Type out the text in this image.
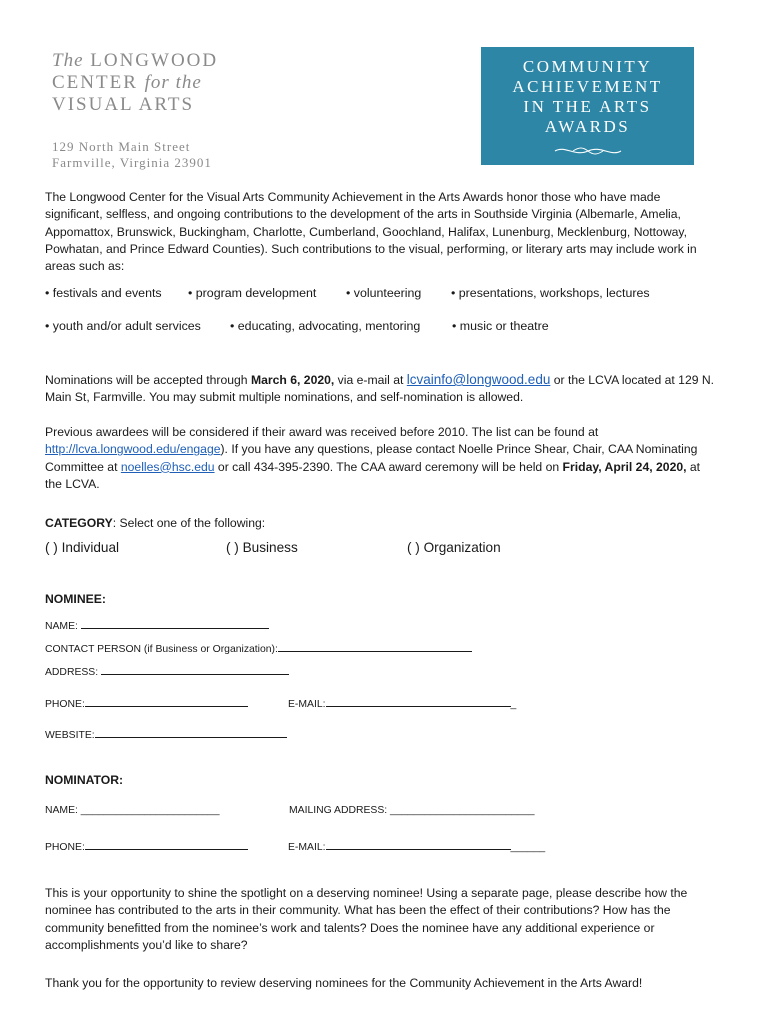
The LONGWOOD
CENTER for the
VISUAL ARTS
129 North Main Street
Farmville, Virginia 23901
COMMUNITY
ACHIEVEMENT
IN THE ARTS
AWARDS
The Longwood Center for the Visual Arts Community Achievement in the Arts Awards honor those who have made significant, selfless, and ongoing contributions to the development of the arts in Southside Virginia (Albemarle, Amelia, Appomattox, Brunswick, Buckingham, Charlotte, Cumberland, Goochland, Halifax, Lunenburg, Mecklenburg, Nottoway, Powhatan, and Prince Edward Counties). Such contributions to the visual, performing, or literary arts may include work in areas such as:
• festivals and events • program development • volunteering • presentations, workshops, lectures
• youth and/or adult services • educating, advocating, mentoring	• music or theatre
Nominations will be accepted through March 6, 2020, via e-mail at lcvainfo@longwood.edu or the LCVA located at 129 N. Main St, Farmville. You may submit multiple nominations, and self-nomination is allowed.
Previous awardees will be considered if their award was received before 2010. The list can be found at http://lcva.longwood.edu/engage). If you have any questions, please contact Noelle Prince Shear, Chair, CAA Nominating Committee at noelles@hsc.edu or call 434-395-2390. The CAA award ceremony will be held on Friday, April 24, 2020, at the LCVA.
CATEGORY: Select one of the following:
( ) Individual	( ) Business	( ) Organization
NOMINEE:
NAME:
CONTACT PERSON (if Business or Organization):
ADDRESS:
PHONE:	E-MAIL:	_
WEBSITE:
NOMINATOR:
NAME: ________________________	MAILING ADDRESS: _________________________
PHONE:	E-MAIL:	______
This is your opportunity to shine the spotlight on a deserving nominee! Using a separate page, please describe how the nominee has contributed to the arts in their community. What has been the effect of their contributions? How has the community benefitted from the nominee’s work and talents? Does the nominee have any additional experience or accomplishments you’d like to share?
Thank you for the opportunity to review deserving nominees for the Community Achievement in the Arts Award!
